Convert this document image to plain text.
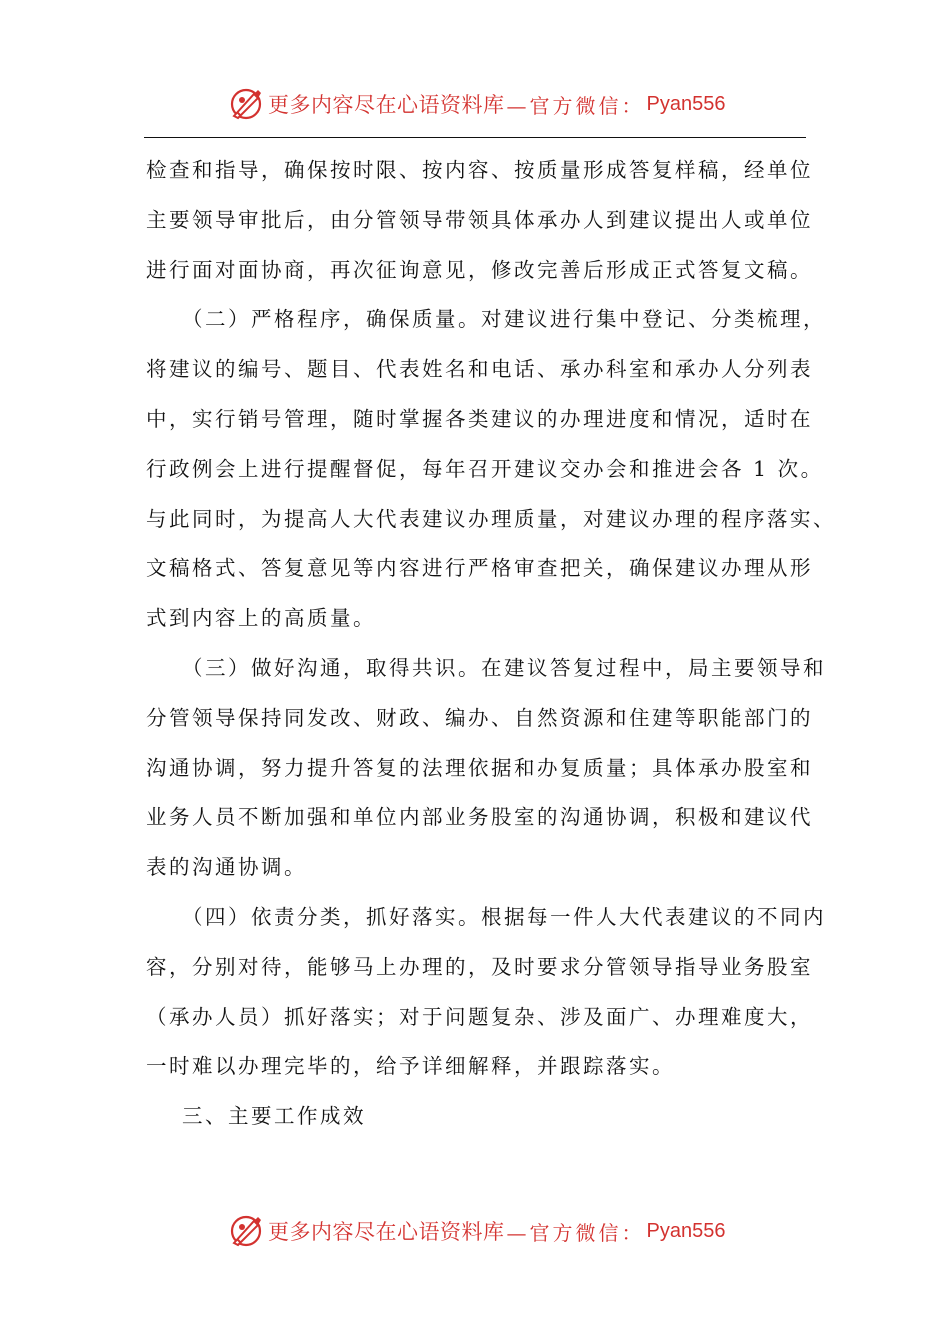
更多内容尽在心语资料库 —官方微信： Pyan556
检查和指导，确保按时限、按内容、按质量形成答复样稿，经单位
主要领导审批后，由分管领导带领具体承办人到建议提出人或单位
进行面对面协商，再次征询意见，修改完善后形成正式答复文稿。
（二）严格程序，确保质量。对建议进行集中登记、分类梳理，
将建议的编号、题目、代表姓名和电话、承办科室和承办人分列表
中，实行销号管理，随时掌握各类建议的办理进度和情况，适时在
行政例会上进行提醒督促，每年召开建议交办会和推进会各 1 次。
与此同时，为提高人大代表建议办理质量，对建议办理的程序落实、
文稿格式、答复意见等内容进行严格审查把关，确保建议办理从形
式到内容上的高质量。
（三）做好沟通，取得共识。在建议答复过程中，局主要领导和
分管领导保持同发改、财政、编办、自然资源和住建等职能部门的
沟通协调，努力提升答复的法理依据和办复质量；具体承办股室和
业务人员不断加强和单位内部业务股室的沟通协调，积极和建议代
表的沟通协调。
（四）依责分类，抓好落实。根据每一件人大代表建议的不同内
容，分别对待，能够马上办理的，及时要求分管领导指导业务股室
（承办人员）抓好落实；对于问题复杂、涉及面广、办理难度大，
一时难以办理完毕的，给予详细解释，并跟踪落实。
三、主要工作成效
更多内容尽在心语资料库 —官方微信： Pyan556
